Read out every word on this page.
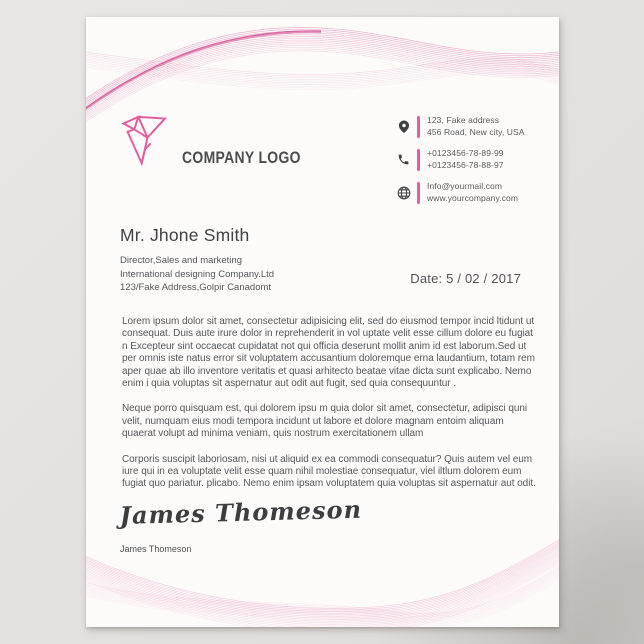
COMPANY LOGO
123, Fake address
456 Road, New city, USA
+0123456-78-89-99
+0123456-78-88-97
Info@yourmail.com
www.yourcompany.com
Mr. Jhone Smith
Director,Sales and marketing
International designing Company.Ltd
123/Fake Address,Golpir Canadomt
Date: 5 / 02 / 2017

Lorem ipsum dolor sit amet, consectetur adipisicing elit, sed do eiusmod tempor incid ltidunt ut consequat. Duis aute irure dolor in reprehenderit in vol uptate velit esse cillum dolore eu fugiat n Excepteur sint occaecat cupidatat not qui officia deserunt mollit anim id est laborum.Sed ut per omnis iste natus error sit voluptatem accusantium doloremque erna laudantium, totam rem aper quae ab illo inventore veritatis et quasi arhitecto beatae vitae dicta sunt explicabo. Nemo enim i quia voluptas sit aspernatur aut odit aut fugit, sed quia consequuntur .

Neque porro quisquam est, qui dolorem ipsu m quia dolor sit amet, consectetur, adipisci quni velit, numquam eius modi tempora incidunt ut labore et dolore magnam entoim aliquam quaerat volupt ad minima veniam, quis nostrum exercitationem ullam

Corporis suscipit laboriosam, nisi ut aliquid ex ea commodi consequatur? Quis autem vel eum iure qui in ea voluptate velit esse quam nihil molestiae consequatur, viel iltlum dolorem eum fugiat quo pariatur. plicabo. Nemo enim ipsam voluptatem quia voluptas sit aspernatur aut odit.

James Thomeson
James Thomeson
